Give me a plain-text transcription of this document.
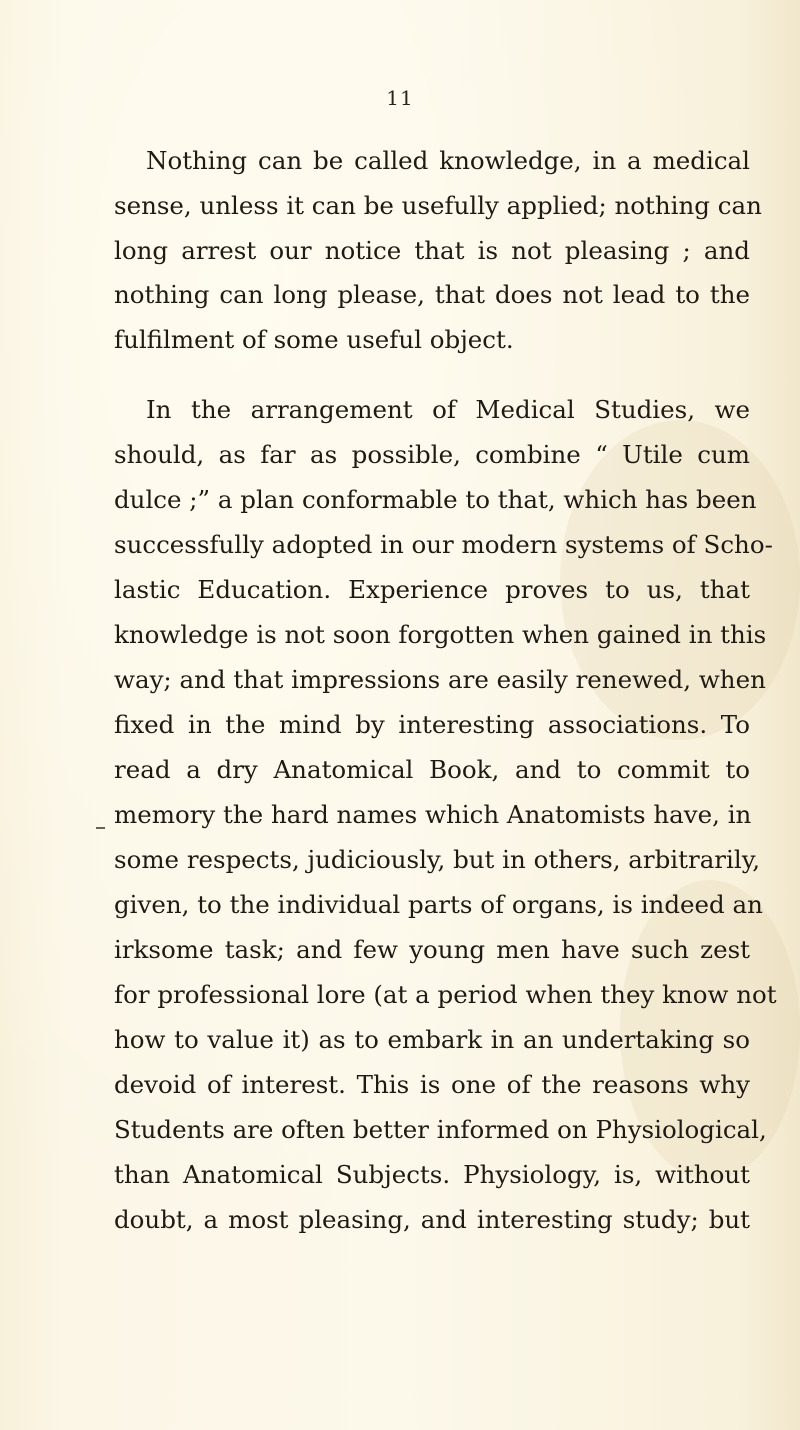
11
Nothing can be called knowledge, in a medical
sense, unless it can be usefully applied; nothing can
long arrest our notice that is not pleasing ; and
nothing can long please, that does not lead to the
fulfilment of some useful object.
In the arrangement of Medical Studies, we
should, as far as possible, combine “ Utile cum
dulce ;” a plan conformable to that, which has been
successfully adopted in our modern systems of Scho-
lastic Education. Experience proves to us, that
knowledge is not soon forgotten when gained in this
way; and that impressions are easily renewed, when
fixed in the mind by interesting associations. To
read a dry Anatomical Book, and to commit to
memory the hard names which Anatomists have, in
some respects, judiciously, but in others, arbitrarily,
given, to the individual parts of organs, is indeed an
irksome task; and few young men have such zest
for professional lore (at a period when they know not
how to value it) as to embark in an undertaking so
devoid of interest. This is one of the reasons why
Students are often better informed on Physiological,
than Anatomical Subjects. Physiology, is, without
doubt, a most pleasing, and interesting study; but
